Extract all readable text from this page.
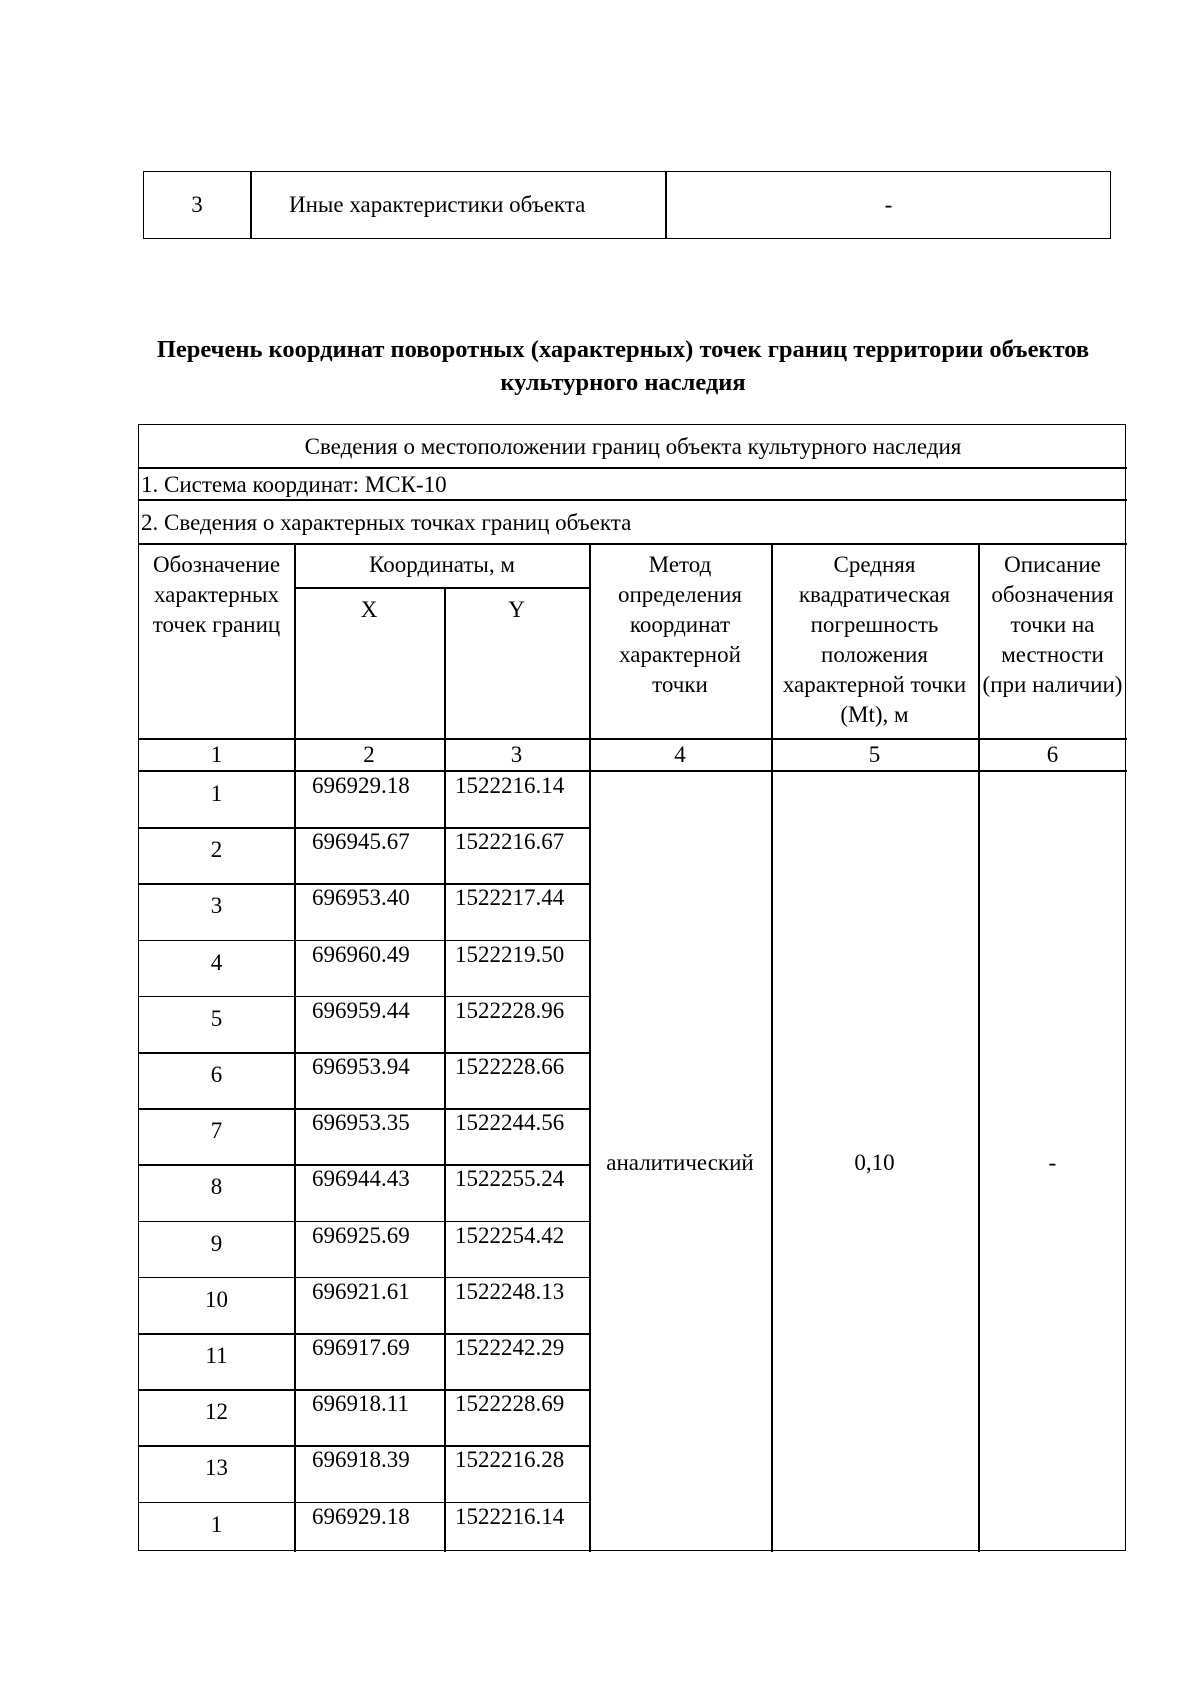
3	Иные характеристики объекта	-
Перечень координат поворотных (характерных) точек границ территории объектов культурного наследия
Сведения о местоположении границ объекта культурного наследия
1. Система координат: МСК-10
2. Сведения о характерных точках границ объекта
Обозначение характерных точек границ
Координаты, м
X	Y
Метод определения координат характерной точки
Средняя квадратическая погрешность положения характерной точки (Mt), м
Описание обозначения точки на местности (при наличии)
1	2	3	4	5	6
1	696929.18 1522216.14
2	696945.67 1522216.67
3	696953.40 1522217.44
4	696960.49 1522219.50
5	696959.44 1522228.96
6	696953.94 1522228.66
7	696953.35 1522244.56
8	696944.43 1522255.24
9	696925.69 1522254.42
10	696921.61 1522248.13
11	696917.69 1522242.29
12	696918.11 1522228.69
13	696918.39 1522216.28
1	696929.18 1522216.14
аналитический	0,10	-
